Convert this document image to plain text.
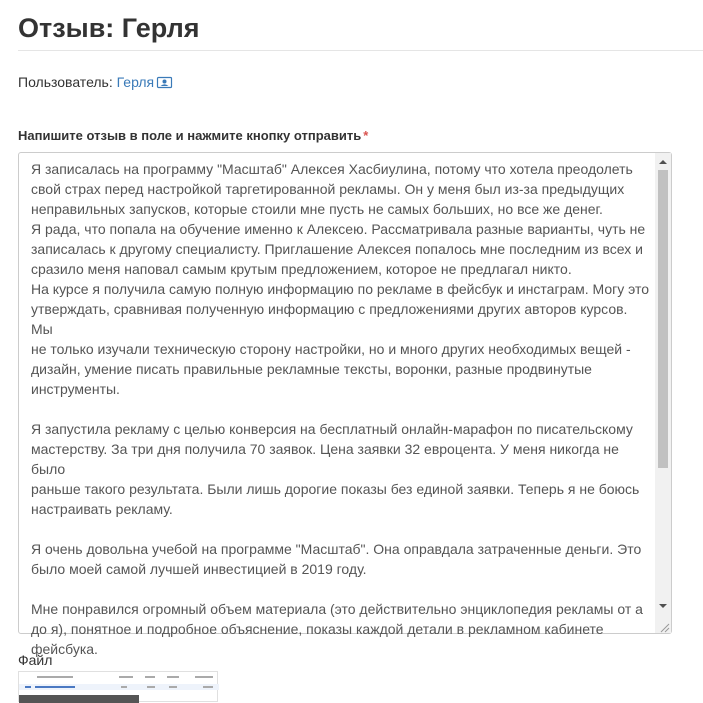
Отзыв: Герля
Пользователь: Герля
Напишите отзыв в поле и нажмите кнопку отправить *
Я записалась на программу "Масштаб" Алексея Хасбиулина, потому что хотела преодолеть
свой страх перед настройкой таргетированной рекламы. Он у меня был из-за предыдущих
неправильных запусков, которые стоили мне пусть не самых больших, но все же денег.
Я рада, что попала на обучение именно к Алексею. Рассматривала разные варианты, чуть не
записалась к другому специалисту. Приглашение Алексея попалось мне последним из всех и
сразило меня наповал самым крутым предложением, которое не предлагал никто.
На курсе я получила самую полную информацию по рекламе в фейсбук и инстаграм. Могу это
утверждать, сравнивая полученную информацию с предложениями других авторов курсов. Мы
не только изучали техническую сторону настройки, но и много других необходимых вещей -
дизайн, умение писать правильные рекламные тексты, воронки, разные продвинутые
инструменты.

Я запустила рекламу с целью конверсия на бесплатный онлайн-марафон по писательскому
мастерству. За три дня получила 70 заявок. Цена заявки 32 евроцента. У меня никогда не было
раньше такого результата. Были лишь дорогие показы без единой заявки. Теперь я не боюсь
настраивать рекламу.

Я очень довольна учебой на программе "Масштаб". Она оправдала затраченные деньги. Это
было моей самой лучшей инвестицией в 2019 году.

Мне понравился огромный объем материала (это действительно энциклопедия рекламы от а
до я), понятное и подробное объяснение, показы каждой детали в рекламном кабинете
фейсбука.
Файл
